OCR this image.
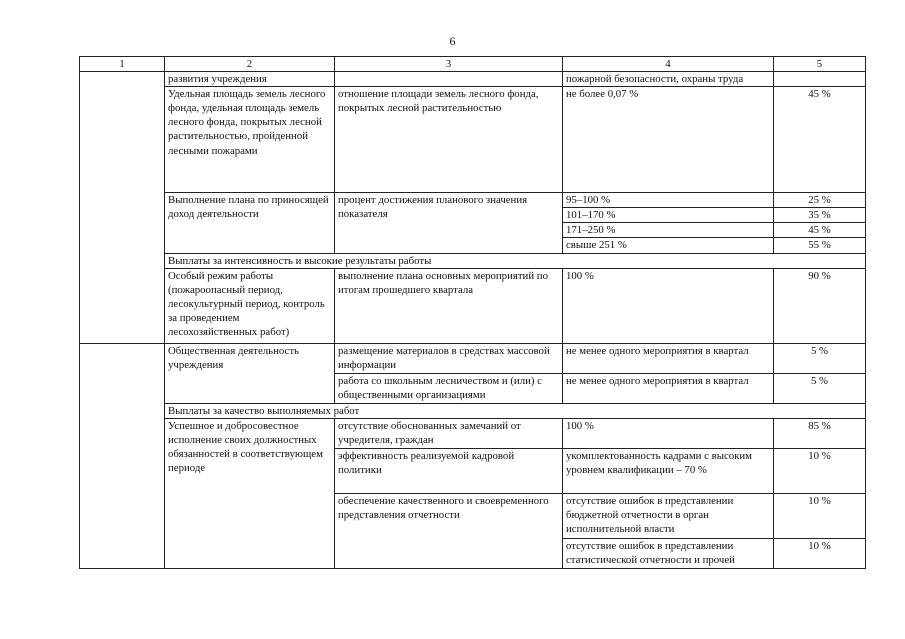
6
1	2	3	4	5
	развития учреждения		пожарной безопасности, охраны труда	
	Удельная площадь земель лесного фонда, удельная площадь земель лесного фонда, покрытых лесной растительностью, пройденной лесными пожарами	отношение площади земель лесного фонда, покрытых лесной растительностью	не более 0,07 %	45 %
	Выполнение плана по приносящей доход деятельности	процент достижения планового значения показателя	95–100 %	25 %
			101–170 %	35 %
			171–250 %	45 %
			свыше 251 %	55 %
	Выплаты за интенсивность и высокие результаты работы			
	Особый режим работы (пожароопасный период, лесокультурный период, контроль за проведением лесохозяйственных работ)	выполнение плана основных мероприятий по итогам прошедшего квартала	100 %	90 %
	Общественная деятельность учреждения	размещение материалов в средствах массовой информации	не менее одного мероприятия в квартал	5 %
		работа со школьным лесничеством и (или) с общественными организациями	не менее одного мероприятия в квартал	5 %
	Выплаты за качество выполняемых работ			
	Успешное и добросовестное исполнение своих должностных обязанностей в соответствующем периоде	отсутствие обоснованных замечаний от учредителя, граждан	100 %	85 %
		эффективность реализуемой кадровой политики	укомплектованность кадрами с высоким уровнем квалификации – 70 %	10 %
		обеспечение качественного и своевременного представления отчетности	отсутствие ошибок в представлении бюджетной отчетности в орган исполнительной власти	10 %
			отсутствие ошибок в представлении статистической отчетности и прочей	10 %
